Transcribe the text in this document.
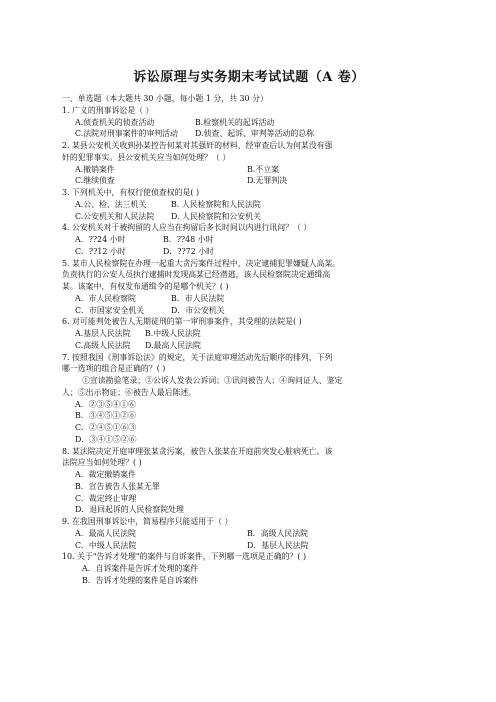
诉讼原理与实务期末考试试题（A 卷）
一、单选题（本大题共 30 小题，每小题 1 分，共 30 分）
1. 广义的刑事诉讼是（ ）
A.侦查机关的侦查活动	B.检察机关的起诉活动
C.法院对刑事案件的审判活动	D.侦查、起诉、审判等活动的总称
2. 某县公安机关收到孙某控告何某对其强奸的材料，经审查后认为何某没有强
奸的犯罪事实。县公安机关应当如何处理？（ ）
A.撤销案件	B.不立案
C.继续侦查	D.无罪判决
3. 下列机关中，有权行使侦查权的是( )
A.公、检、法三机关	B. 人民检察院和人民法院
C.公安机关和人民法院	D. 人民检察院和公安机关
4. 公安机关对于被拘留的人应当在拘留后多长时间以内进行讯问？（ ）
A．??24 小时	B．??48 小时
C．??12 小时	D．??72 小时
5. 某市人民检察院在办理一起重大贪污案件过程中，决定逮捕犯罪嫌疑人高某。
负责执行的公安人员执行逮捕时发现高某已经潜逃，该人民检察院决定通缉高
某。该案中，有权发布通缉令的是哪个机关？( )
A．市人民检察院	B．市人民法院
C．市国家安全机关	D．市公安机关
6. 对可能判处被告人无期徒刑的第一审刑事案件，其受理的法院是( )
A.基层人民法院	B.中级人民法院
C.高级人民法院	D.最高人民法院
7. 按照我国《刑事诉讼法》的规定，关于法庭审理活动先后顺序的排列，下列
哪一选项的组合是正确的？( )
①宣读勘验笔录；②公诉人发表公诉词；③讯问被告人；④询问证人、鉴定
人；⑤出示物证；⑥被告人最后陈述。
A．②③⑤④①⑥
B．③④⑤①②⑥
C．②④⑤①⑥③
D．③④①⑤②⑥
8. 某法院决定开庭审理张某贪污案，被告人张某在开庭前突发心脏病死亡。该
法院应当如何处理？( )
A．裁定撤销案件
B．宣告被告人张某无罪
C．裁定终止审理
D．退回起诉的人民检察院处理
9. 在我国刑事诉讼中，简易程序只能适用于（ ）
A．最高人民法院	B．高级人民法院
C．中级人民法院	D．基层人民法院
10. 关于"告诉才处理"的案件与自诉案件，下列哪一选项是正确的？( )
A．自诉案件是告诉才处理的案件
B．告诉才处理的案件是自诉案件
